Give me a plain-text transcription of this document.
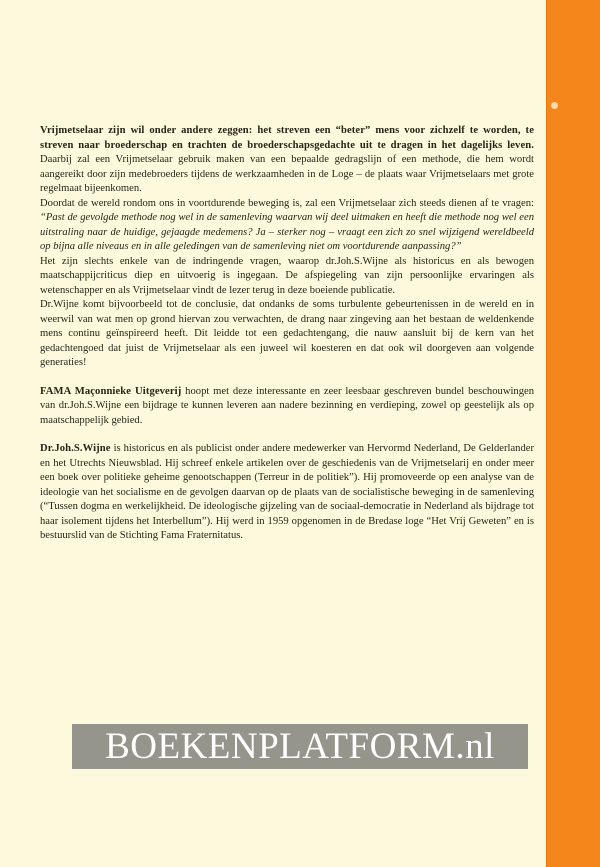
Vrijmetselaar zijn wil onder andere zeggen: het streven een “beter” mens voor zichzelf te worden, te streven naar broederschap en trachten de broederschapsgedachte uit te dragen in het dagelijks leven. Daarbij zal een Vrijmetselaar gebruik maken van een bepaalde gedragslijn of een methode, die hem wordt aangereikt door zijn medebroeders tijdens de werkzaamheden in de Loge – de plaats waar Vrijmetselaars met grote regelmaat bijeenkomen.

Doordat de wereld rondom ons in voortdurende beweging is, zal een Vrijmetselaar zich steeds dienen af te vragen: “Past de gevolgde methode nog wel in de samenleving waarvan wij deel uitmaken en heeft die methode nog wel een uitstraling naar de huidige, gejaagde medemens? Ja – sterker nog – vraagt een zich zo snel wijzigend wereldbeeld op bijna alle niveaus en in alle geledingen van de samenleving niet om voortdurende aanpassing?”

Het zijn slechts enkele van de indringende vragen, waarop dr.Joh.S.Wijne als historicus en als bewogen maatschappijcriticus diep en uitvoerig is ingegaan. De afspiegeling van zijn persoonlijke ervaringen als wetenschapper en als Vrijmetselaar vindt de lezer terug in deze boeiende publicatie.

Dr.Wijne komt bijvoorbeeld tot de conclusie, dat ondanks de soms turbulente gebeurtenissen in de wereld en in weerwil van wat men op grond hiervan zou verwachten, de drang naar zingeving aan het bestaan de weldenkende mens continu geïnspireerd heeft. Dit leidde tot een gedachtengang, die nauw aansluit bij de kern van het gedachtengoed dat juist de Vrijmetselaar als een juweel wil koesteren en dat ook wil doorgeven aan volgende generaties!

FAMA Maçonnieke Uitgeverij hoopt met deze interessante en zeer leesbaar geschreven bundel beschouwingen van dr.Joh.S.Wijne een bijdrage te kunnen leveren aan nadere bezinning en verdieping, zowel op geestelijk als op maatschappelijk gebied.

Dr.Joh.S.Wijne is historicus en als publicist onder andere medewerker van Hervormd Nederland, De Gelderlander en het Utrechts Nieuwsblad. Hij schreef enkele artikelen over de geschiedenis van de Vrijmetselarij en onder meer een boek over politieke geheime genootschappen (Terreur in de politiek”). Hij promoveerde op een analyse van de ideologie van het socialisme en de gevolgen daarvan op de plaats van de socialistische beweging in de samenleving (“Tussen dogma en werkelijkheid. De ideologische gijzeling van de sociaal-democratie in Nederland als bijdrage tot haar isolement tijdens het Interbellum”). Hij werd in 1959 opgenomen in de Bredase loge “Het Vrij Geweten” en is bestuurslid van de Stichting Fama Fraternitatus.

BOEKENPLATFORM.nl
